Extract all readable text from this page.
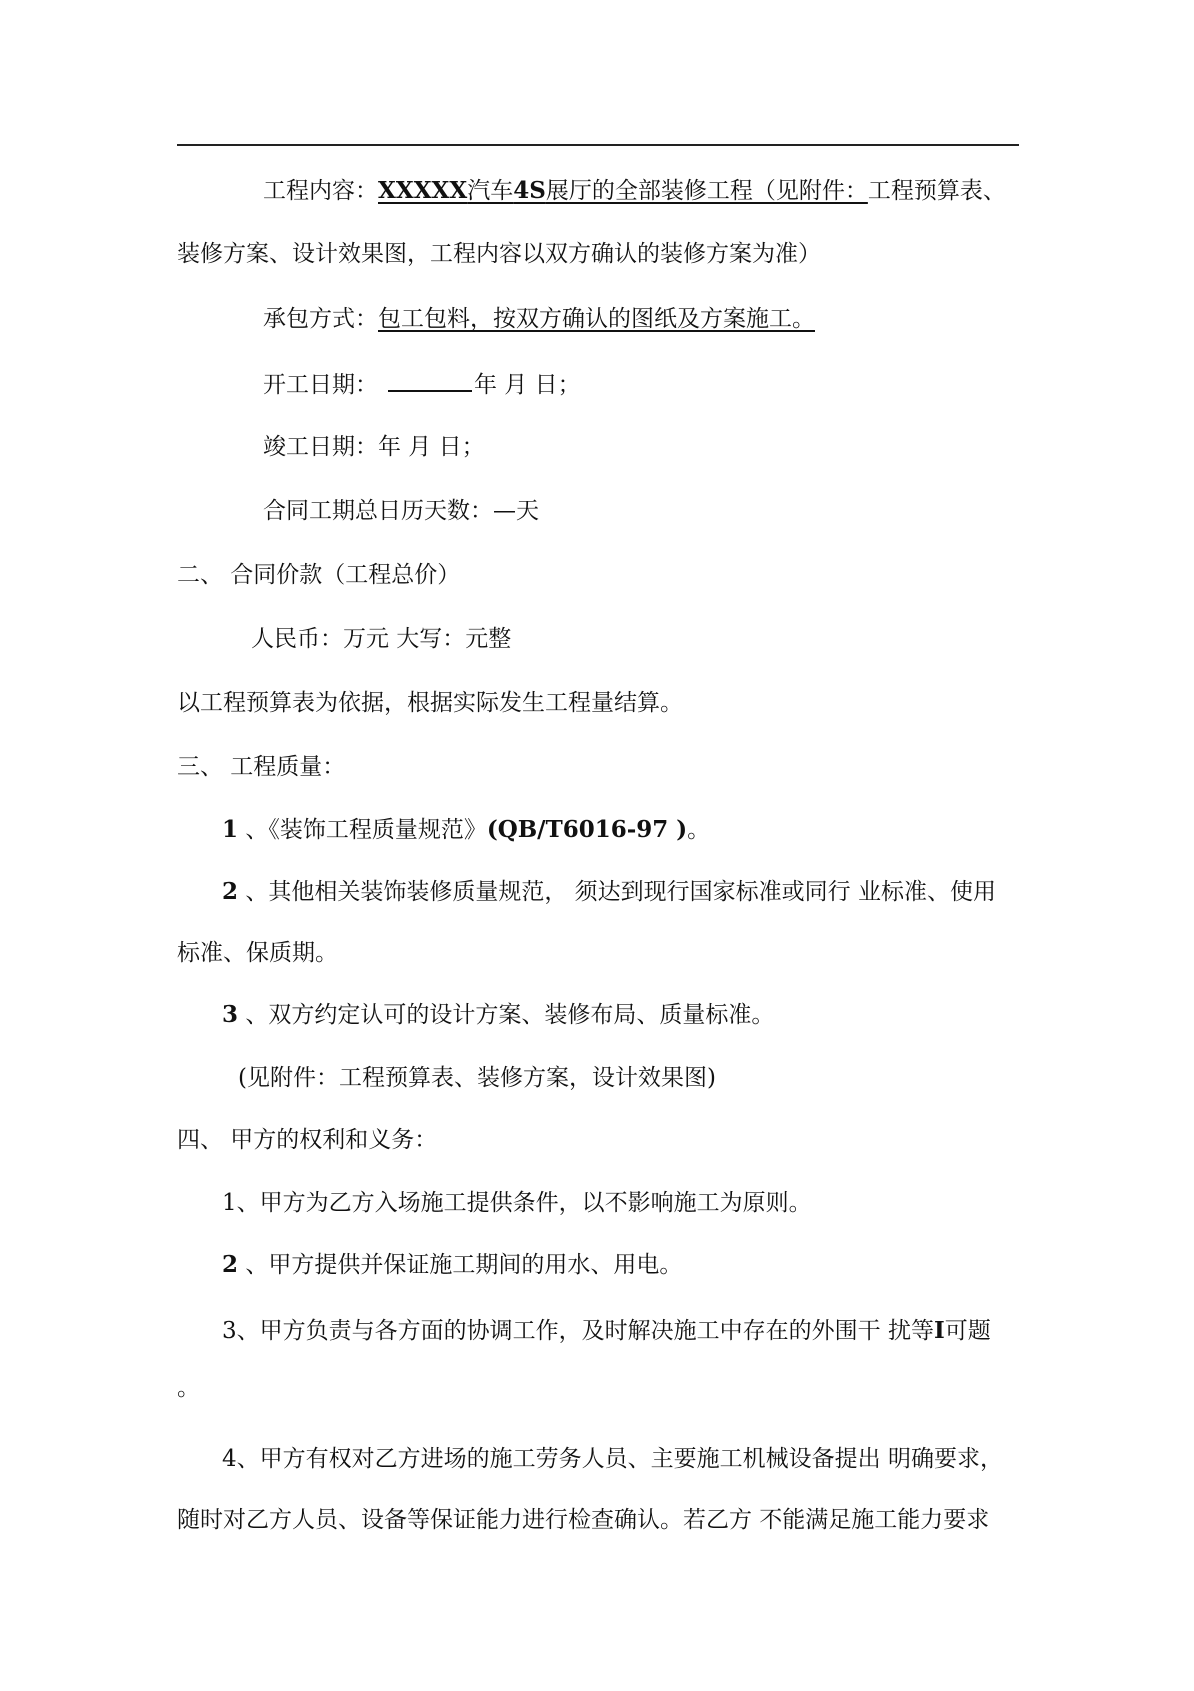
工程内容：XXXXX汽车4S展厅的全部装修工程（见附件：工程预算表、
装修方案、设计效果图，工程内容以双方确认的装修方案为准）
承包方式：包工包料，按双方确认的图纸及方案施工。
开工日期：	年 月 日；
竣工日期：年 月 日；
合同工期总日历天数：—天
二、 合同价款（工程总价）
人民币：万元 大写：元整
以工程预算表为依据，根据实际发生工程量结算。
三、 工程质量：
1 、《装饰工程质量规范》(QB/T6016-97 )。
2 、其他相关装饰装修质量规范， 须达到现行国家标准或同行 业标准、使用
标准、保质期。
3 、双方约定认可的设计方案、装修布局、质量标准。
(见附件：工程预算表、装修方案，设计效果图)
四、 甲方的权利和义务：
1、甲方为乙方入场施工提供条件，以不影响施工为原则。
2 、甲方提供并保证施工期间的用水、用电。
3、甲方负责与各方面的协调工作，及时解决施工中存在的外围干 扰等I可题
。
4、甲方有权对乙方进场的施工劳务人员、主要施工机械设备提出 明确要求，
随时对乙方人员、设备等保证能力进行检查确认。若乙方 不能满足施工能力要求
